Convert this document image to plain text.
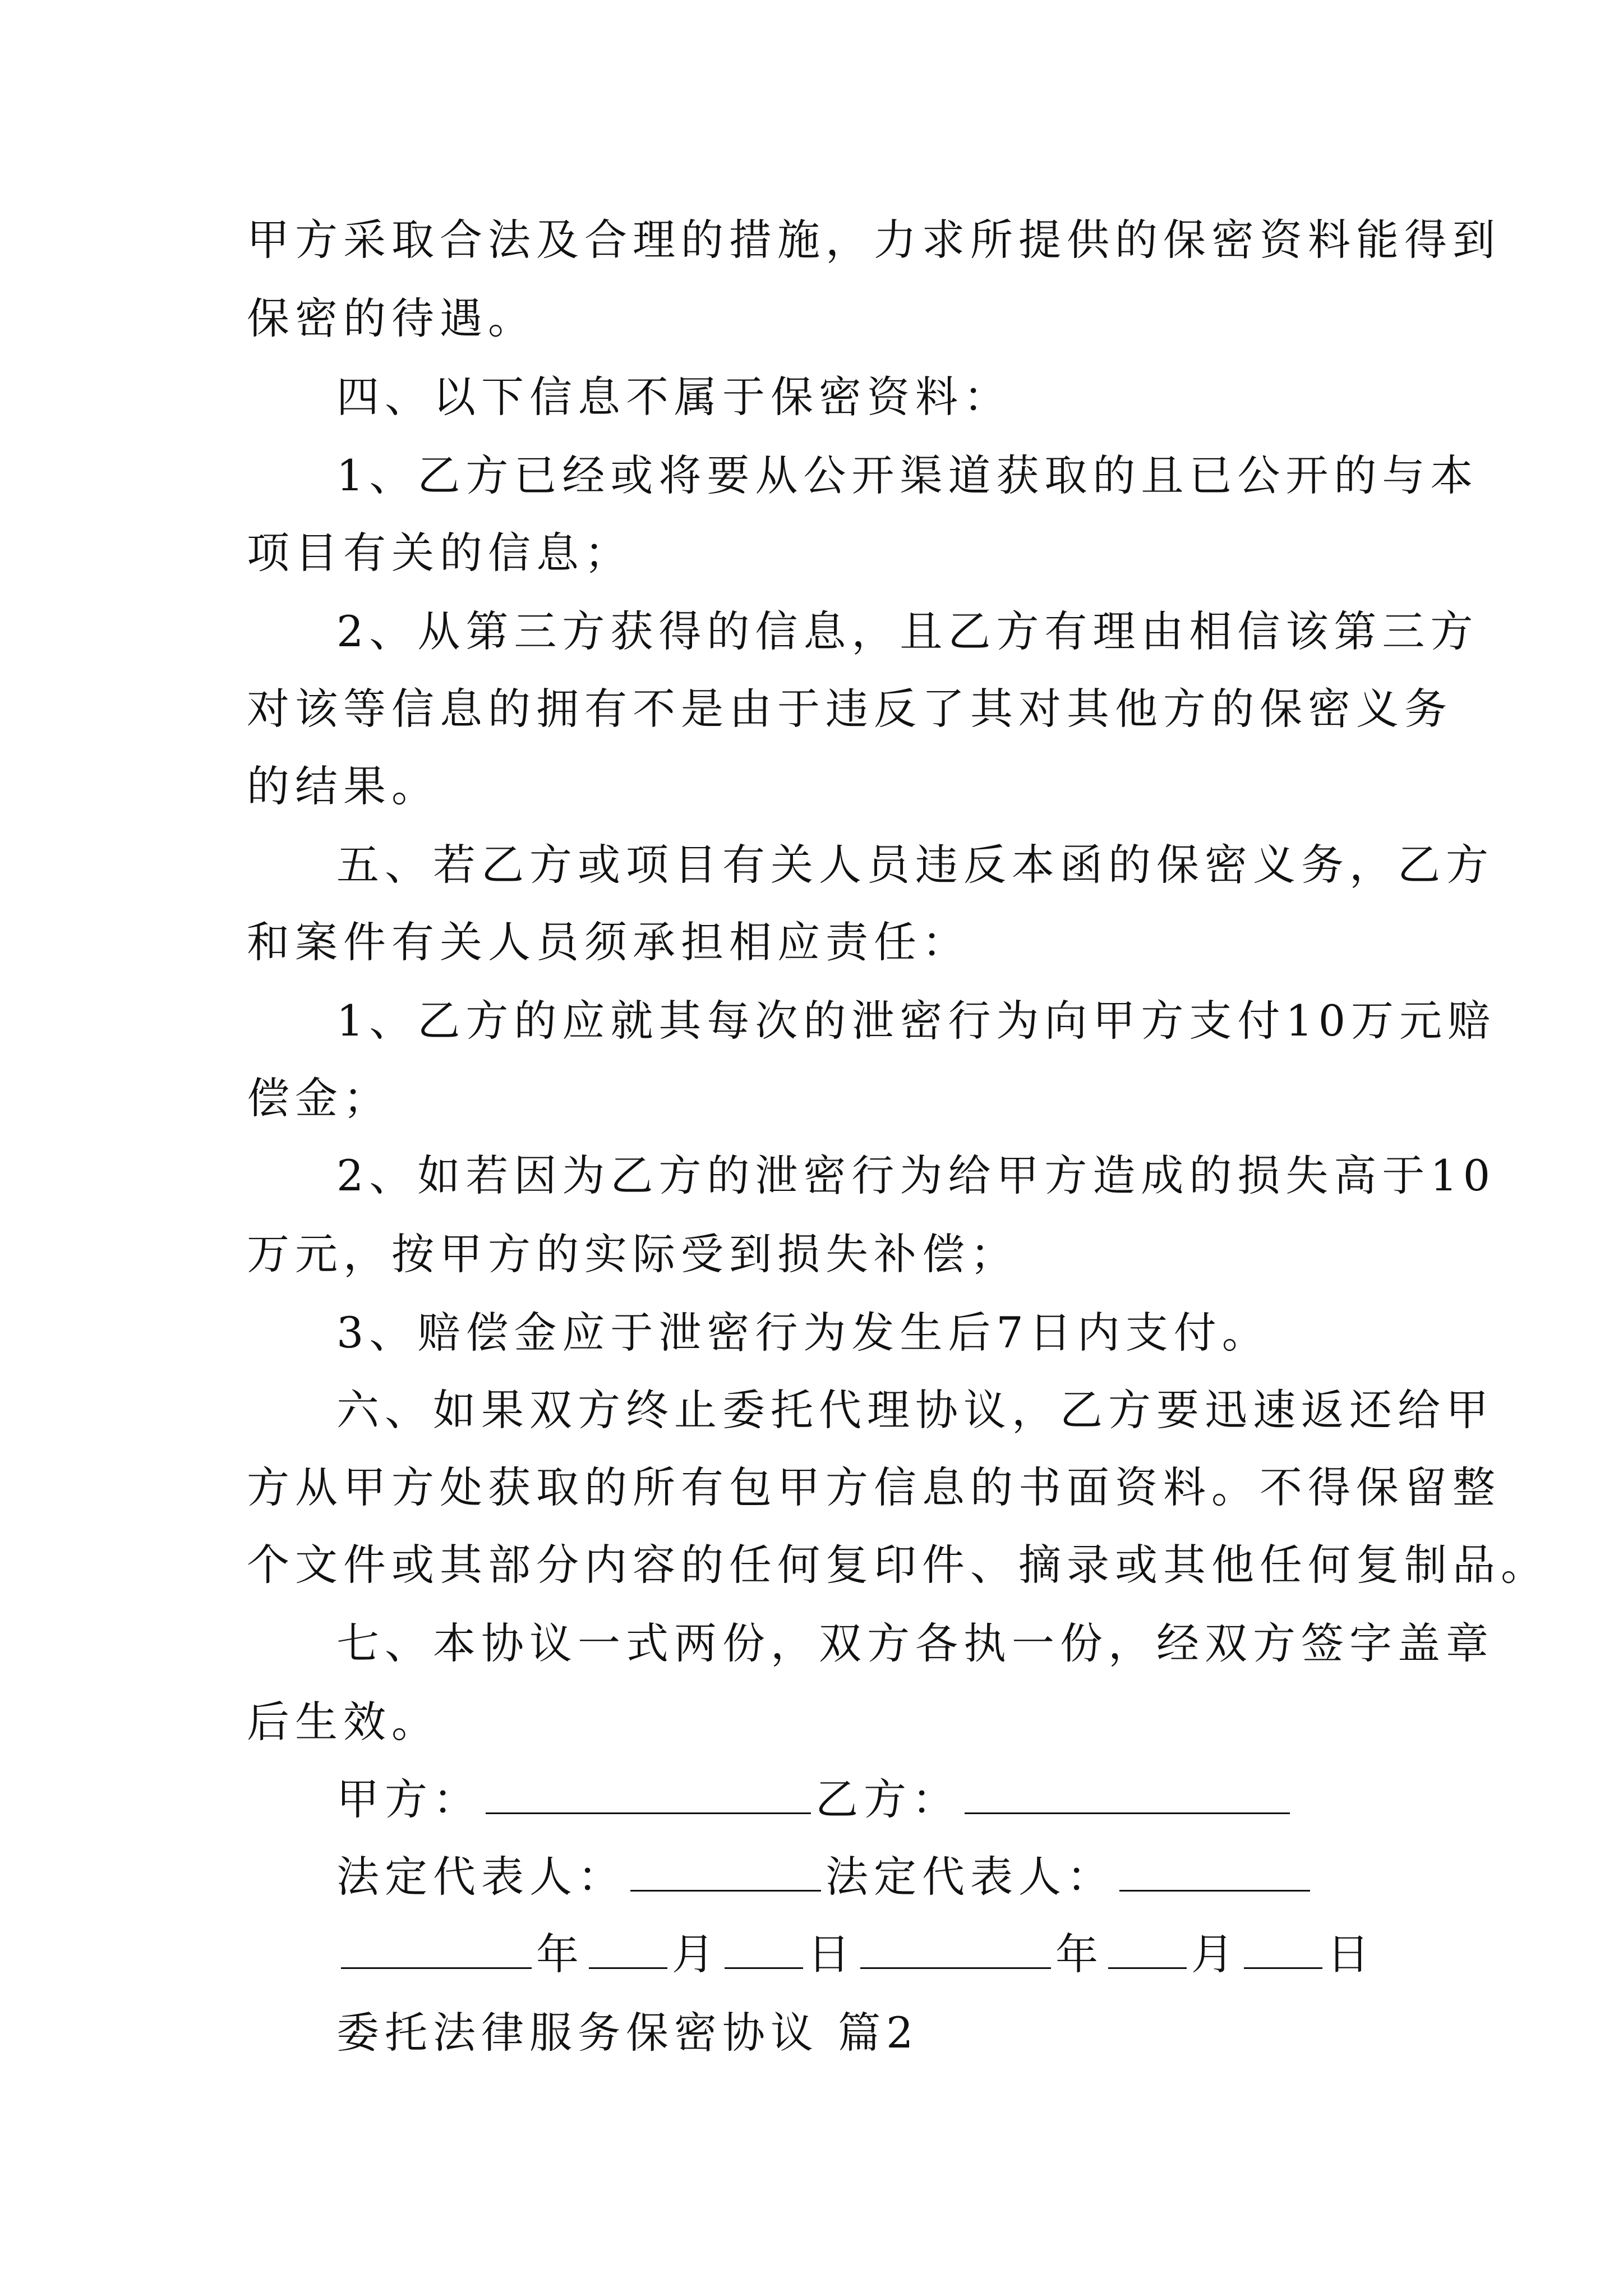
甲方采取合法及合理的措施，力求所提供的保密资料能得到
保密的待遇。
四、以下信息不属于保密资料：
1、乙方已经或将要从公开渠道获取的且已公开的与本
项目有关的信息；
2、从第三方获得的信息，且乙方有理由相信该第三方
对该等信息的拥有不是由于违反了其对其他方的保密义务
的结果。
五、若乙方或项目有关人员违反本函的保密义务，乙方
和案件有关人员须承担相应责任：
1、乙方的应就其每次的泄密行为向甲方支付10万元赔
偿金；
2、如若因为乙方的泄密行为给甲方造成的损失高于10
万元，按甲方的实际受到损失补偿；
3、赔偿金应于泄密行为发生后7日内支付。
六、如果双方终止委托代理协议，乙方要迅速返还给甲
方从甲方处获取的所有包甲方信息的书面资料。不得保留整
个文件或其部分内容的任何复印件、摘录或其他任何复制品。
七、本协议一式两份，双方各执一份，经双方签字盖章
后生效。
甲方：	乙方：
法定代表人：	法定代表人：
年 月 日	年 月 日
委托法律服务保密协议 篇2
